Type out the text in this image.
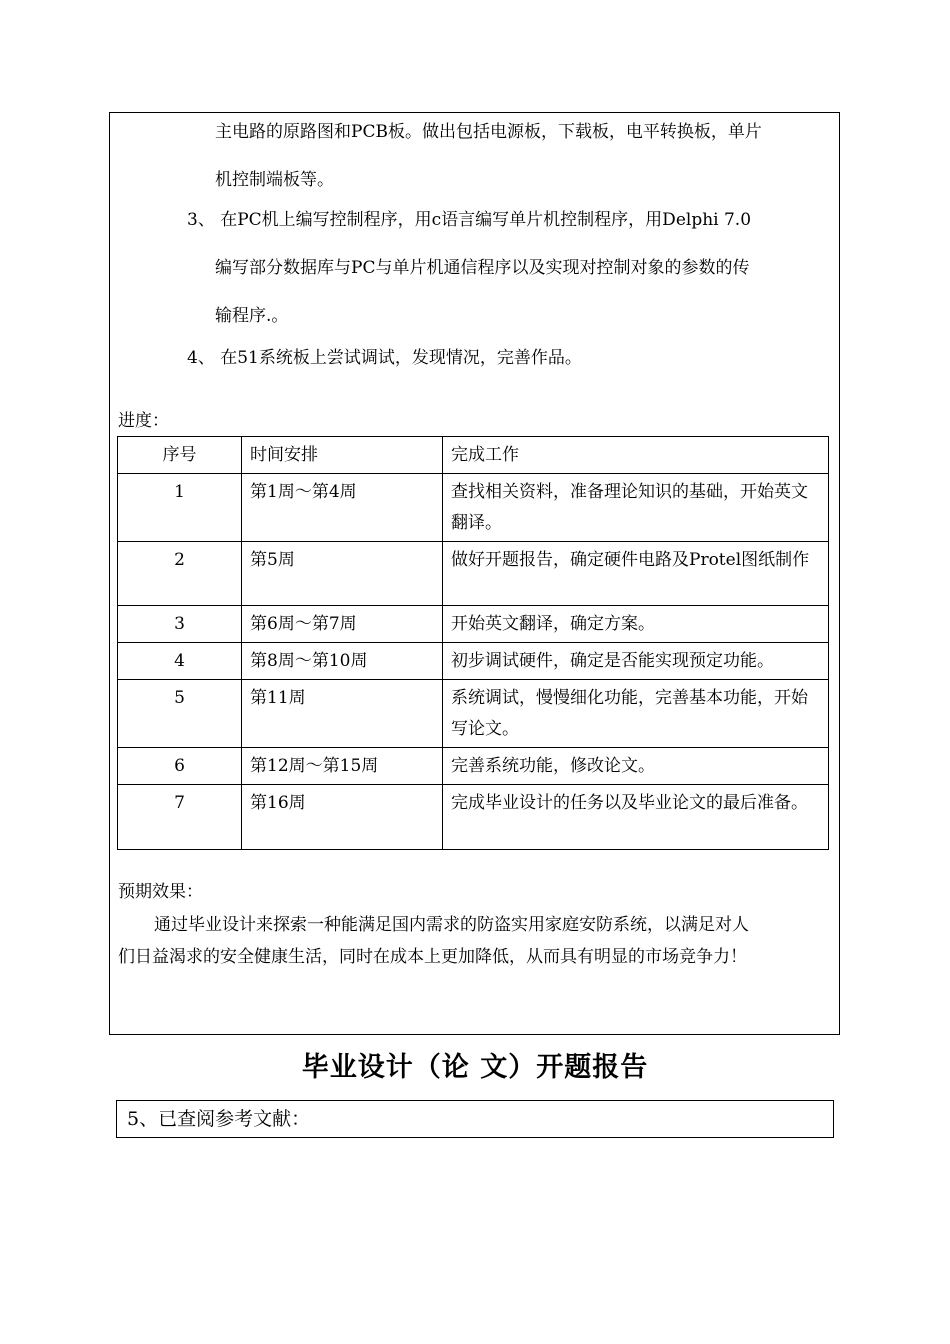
主电路的原路图和PCB板。做出包括电源板，下载板，电平转换板，单片
机控制端板等。
3、 在PC机上编写控制程序，用c语言编写单片机控制程序，用Delphi 7.0
编写部分数据库与PC与单片机通信程序以及实现对控制对象的参数的传
输程序.。
4、 在51系统板上尝试调试，发现情况，完善作品。
进度：
序号	时间安排	完成工作
1	第1周～第4周	查找相关资料，准备理论知识的基础，开始英文翻译。
2	第5周	做好开题报告，确定硬件电路及Protel图纸制作
3	第6周～第7周	开始英文翻译，确定方案。
4	第8周～第10周	初步调试硬件，确定是否能实现预定功能。
5	第11周	系统调试，慢慢细化功能，完善基本功能，开始写论文。
6	第12周～第15周	完善系统功能，修改论文。
7	第16周	完成毕业设计的任务以及毕业论文的最后准备。
预期效果：
通过毕业设计来探索一种能满足国内需求的防盗实用家庭安防系统，以满足对人
们日益渴求的安全健康生活，同时在成本上更加降低，从而具有明显的市场竞争力！
毕业设计（论 文）开题报告
5、已查阅参考文献：
